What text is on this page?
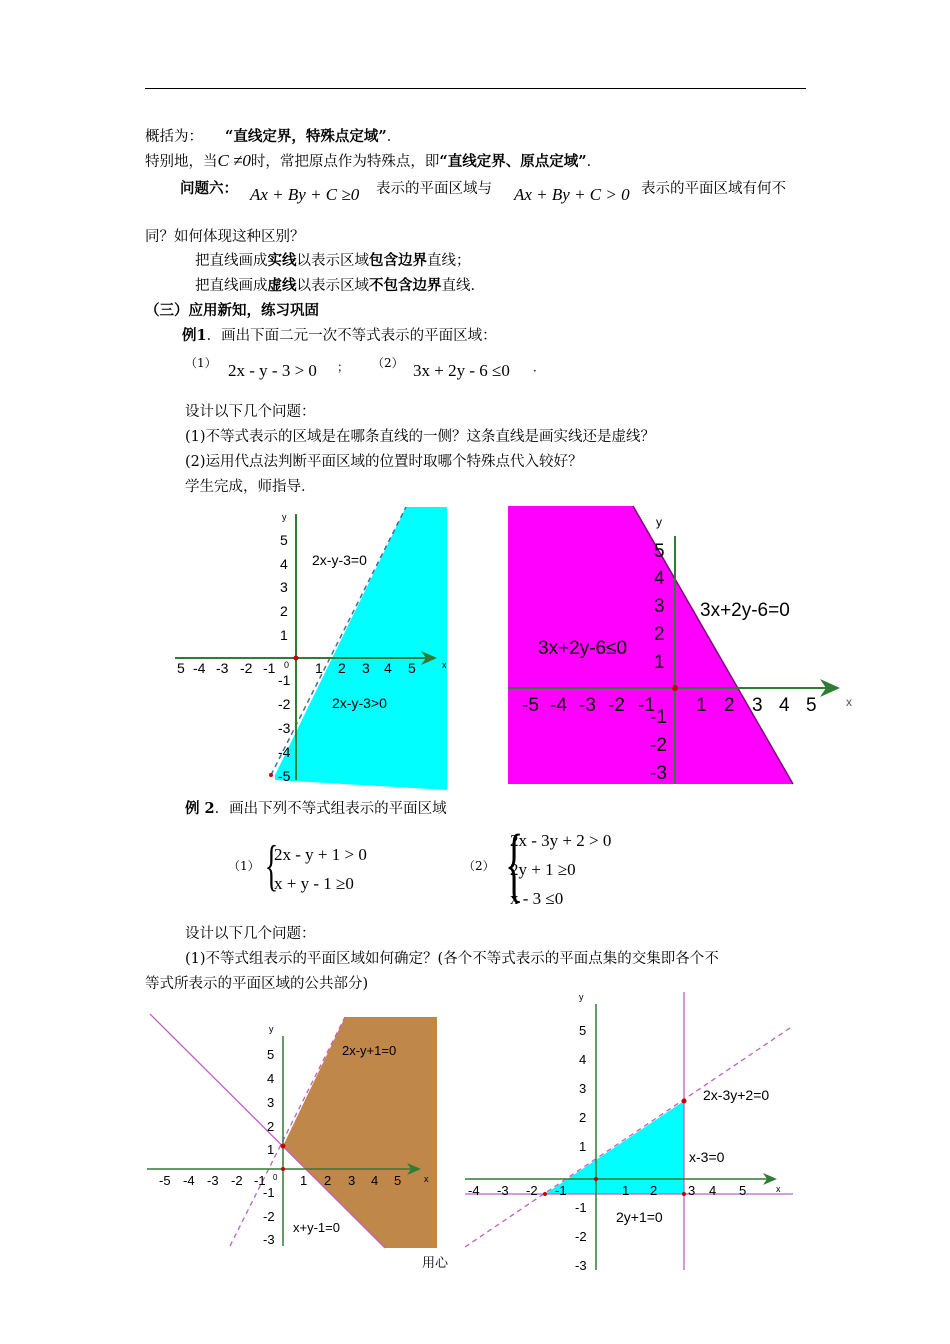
概括为： “直线定界，特殊点定域”．
特别地，当C ≠0时，常把原点作为特殊点，即“直线定界、原点定域”．
问题六： Ax + By + C ≥0 表示的平面区域与 Ax + By + C > 0 表示的平面区域有何不
同？如何体现这种区别？
把直线画成实线以表示区域包含边界直线；
把直线画成虚线以表示区域不包含边界直线．
（三）应用新知，练习巩固
例1．画出下面二元一次不等式表示的平面区域：
（1） 2x - y - 3 > 0 ； （2） 3x + 2y - 6 ≤0 ．
设计以下几个问题：
(1)不等式表示的区域是在哪条直线的一侧？这条直线是画实线还是虚线？
(2)运用代点法判断平面区域的位置时取哪个特殊点代入较好？
学生完成，师指导．
x
y
0
5 -4 -3 -2 -1	1 2 3 4 5
5
4
3
2
1
-1
-2
-3
-4
-5
2x-y-3=0
2x-y-3>0	x
y
-5 -4 -3 -2 -1 1 2 3 4 5
5
4
3
2
1
-1
-2
-3
3x+2y-6=0
3x+2y-6≤0
例 2．画出下列不等式组表示的平面区域
（1） {
2x - y + 1 > 0
x + y - 1 ≥0
（2） {
2x - 3y + 2 > 0
2y + 1 ≥0
x - 3 ≤0
设计以下几个问题：
(1)不等式组表示的平面区域如何确定？(各个不等式表示的平面点集的交集即各个不
等式所表示的平面区域的公共部分)
x
y
0
-5 -4 -3 -2 -1	1 2 3 4 5
5
4
3
2
1
-1
-2
-3
2x-y+1=0
x+y-1=0
x
y
-4 -3 -2 -1	1 2 3 4 5
5
4
3
2
1
-1
-2
-3
2x-3y+2=0
x-3=0
2y+1=0
用心
